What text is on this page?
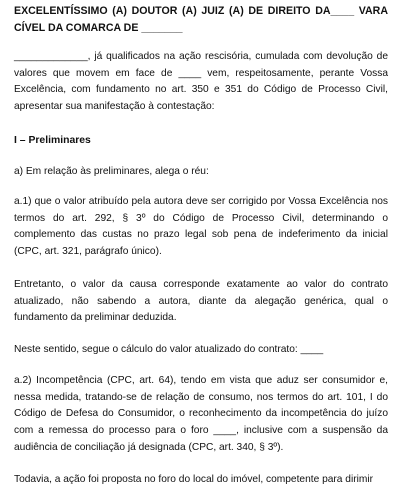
EXCELENTÍSSIMO (A) DOUTOR (A) JUIZ (A) DE DIREITO DA____ VARA CÍVEL DA COMARCA DE _______

_____________, já qualificados na ação rescisória, cumulada com devolução de valores que movem em face de ____ vem, respeitosamente, perante Vossa Excelência, com fundamento no art. 350 e 351 do Código de Processo Civil, apresentar sua manifestação à contestação:

I – Preliminares

a) Em relação às preliminares, alega o réu:

a.1) que o valor atribuído pela autora deve ser corrigido por Vossa Excelência nos termos do art. 292, § 3º do Código de Processo Civil, determinando o complemento das custas no prazo legal sob pena de indeferimento da inicial (CPC, art. 321, parágrafo único).

Entretanto, o valor da causa corresponde exatamente ao valor do contrato atualizado, não sabendo a autora, diante da alegação genérica, qual o fundamento da preliminar deduzida.

Neste sentido, segue o cálculo do valor atualizado do contrato: ____

a.2) Incompetência (CPC, art. 64), tendo em vista que aduz ser consumidor e, nessa medida, tratando-se de relação de consumo, nos termos do art. 101, I do Código de Defesa do Consumidor, o reconhecimento da incompetência do juízo com a remessa do processo para o foro ____, inclusive com a suspensão da audiência de conciliação já designada (CPC, art. 340, § 3º).

Todavia, a ação foi proposta no foro do local do imóvel, competente para dirimir
